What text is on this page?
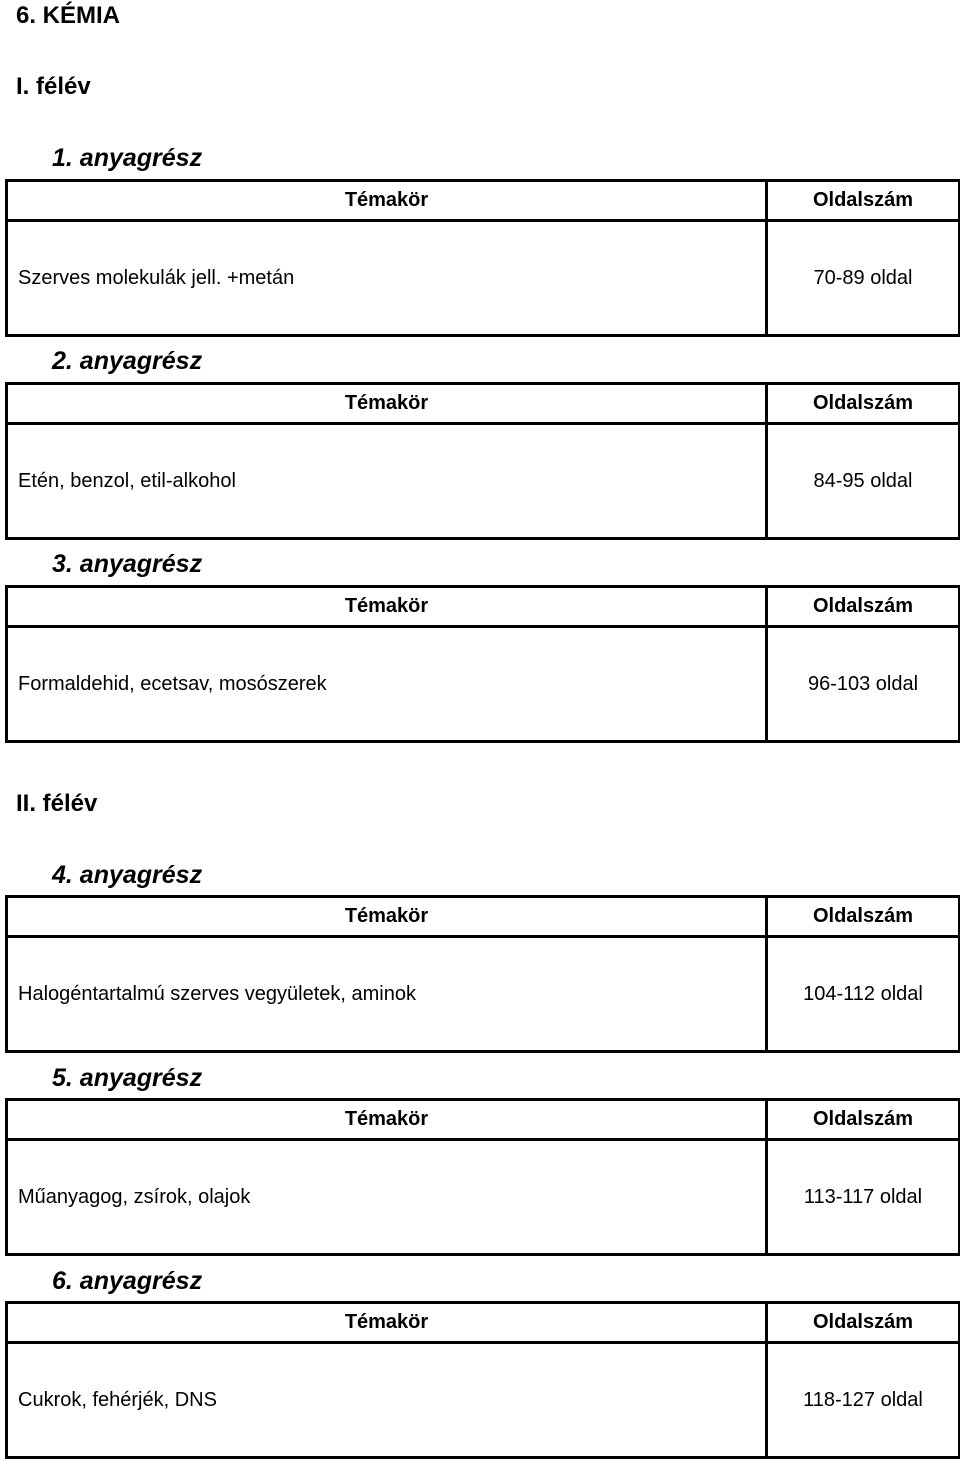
6. KÉMIA
I. félév
1. anyagrész
Témakör	Oldalszám
Szerves molekulák jell. +metán	70-89 oldal
2. anyagrész
Témakör	Oldalszám
Etén, benzol, etil-alkohol	84-95 oldal
3. anyagrész
Témakör	Oldalszám
Formaldehid, ecetsav, mosószerek	96-103 oldal
II. félév
4. anyagrész
Témakör	Oldalszám
Halogéntartalmú szerves vegyületek, aminok	104-112 oldal
5. anyagrész
Témakör	Oldalszám
Műanyagog, zsírok, olajok	113-117 oldal
6. anyagrész
Témakör	Oldalszám
Cukrok, fehérjék, DNS	118-127 oldal
